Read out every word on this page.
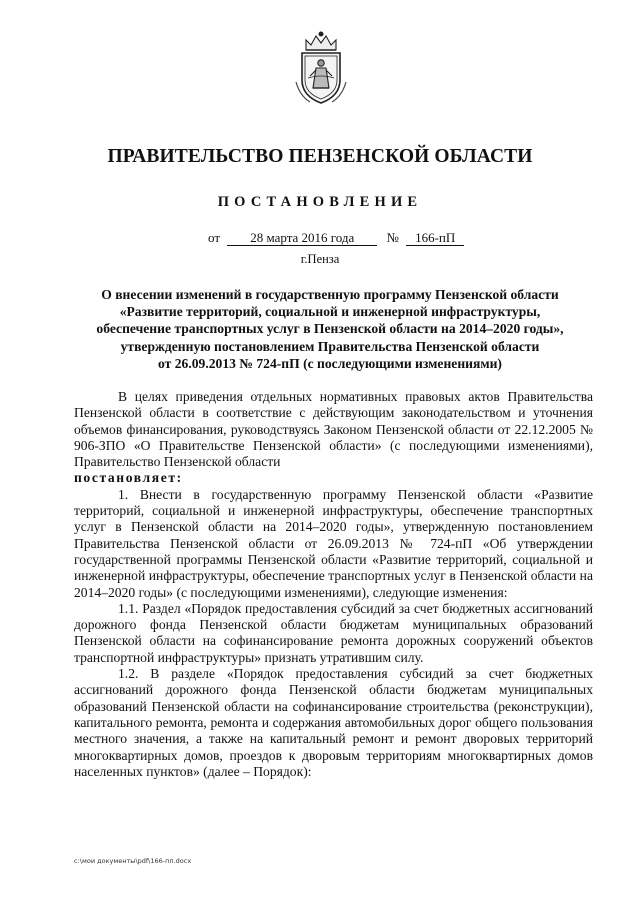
ПРАВИТЕЛЬСТВО ПЕНЗЕНСКОЙ ОБЛАСТИ
ПОСТАНОВЛЕНИЕ
от 28 марта 2016 года № 166-пП
г.Пенза
О внесении изменений в государственную программу Пензенской области
«Развитие территорий, социальной и инженерной инфраструктуры,
обеспечение транспортных услуг в Пензенской области на 2014–2020 годы»,
утвержденную постановлением Правительства Пензенской области
от 26.09.2013 № 724-пП (с последующими изменениями)

В целях приведения отдельных нормативных правовых актов Правительства Пензенской области в соответствие с действующим законодательством и уточнения объемов финансирования, руководствуясь Законом Пензенской области от 22.12.2005 № 906-ЗПО «О Правительстве Пензенской области» (с последующими изменениями), Правительство Пензенской области

постановляет:

1. Внести в государственную программу Пензенской области «Развитие территорий, социальной и инженерной инфраструктуры, обеспечение транспортных услуг в Пензенской области на 2014–2020 годы», утвержденную постановлением Правительства Пензенской области от 26.09.2013 № 724-пП «Об утверждении государственной программы Пензенской области «Развитие территорий, социальной и инженерной инфраструктуры, обеспечение транспортных услуг в Пензенской области на 2014–2020 годы» (с последующими изменениями), следующие изменения:

1.1. Раздел «Порядок предоставления субсидий за счет бюджетных ассигнований дорожного фонда Пензенской области бюджетам муниципальных образований Пензенской области на софинансирование ремонта дорожных сооружений объектов транспортной инфраструктуры» признать утратившим силу.

1.2. В разделе «Порядок предоставления субсидий за счет бюджетных ассигнований дорожного фонда Пензенской области бюджетам муниципальных образований Пензенской области на софинансирование строительства (реконструкции), капитального ремонта, ремонта и содержания автомобильных дорог общего пользования местного значения, а также на капитальный ремонт и ремонт дворовых территорий многоквартирных домов, проездов к дворовым территориям многоквартирных домов населенных пунктов» (далее – Порядок):

c:\мои документы\pdf\166-пп.docx
